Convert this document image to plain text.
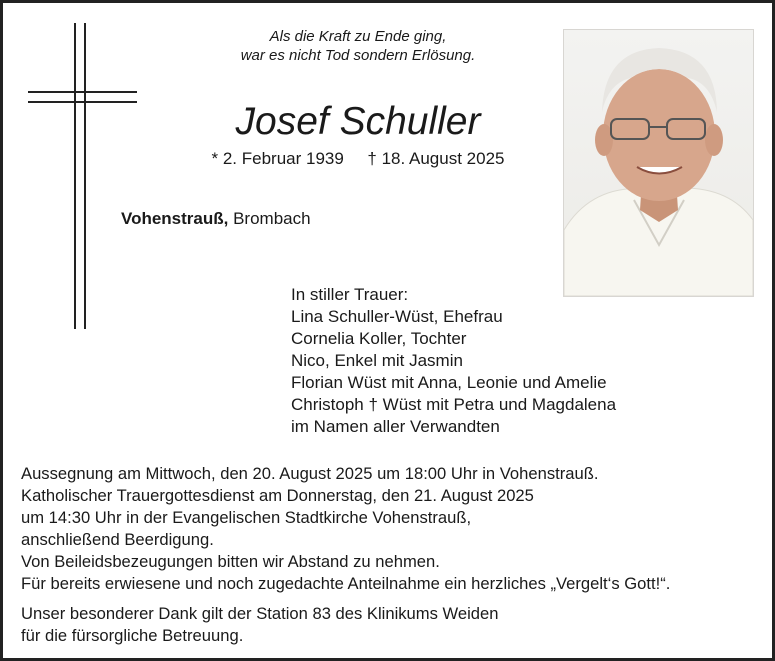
Als die Kraft zu Ende ging,
war es nicht Tod sondern Erlösung.
Josef Schuller
* 2. Februar 1939     † 18. August 2025
Vohenstrauß, Brombach
In stiller Trauer:
Lina Schuller-Wüst, Ehefrau
Cornelia Koller, Tochter
Nico, Enkel mit Jasmin
Florian Wüst mit Anna, Leonie und Amelie
Christoph † Wüst mit Petra und Magdalena
im Namen aller Verwandten
Aussegnung am Mittwoch, den 20. August 2025 um 18:00 Uhr in Vohenstrauß.
Katholischer Trauergottesdienst am Donnerstag, den 21. August 2025
um 14:30 Uhr in der Evangelischen Stadtkirche Vohenstrauß,
anschließend Beerdigung.
Von Beileidsbezeugungen bitten wir Abstand zu nehmen.
Für bereits erwiesene und noch zugedachte Anteilnahme ein herzliches „Vergelt‘s Gott!“.
Unser besonderer Dank gilt der Station 83 des Klinikums Weiden
für die fürsorgliche Betreuung.
